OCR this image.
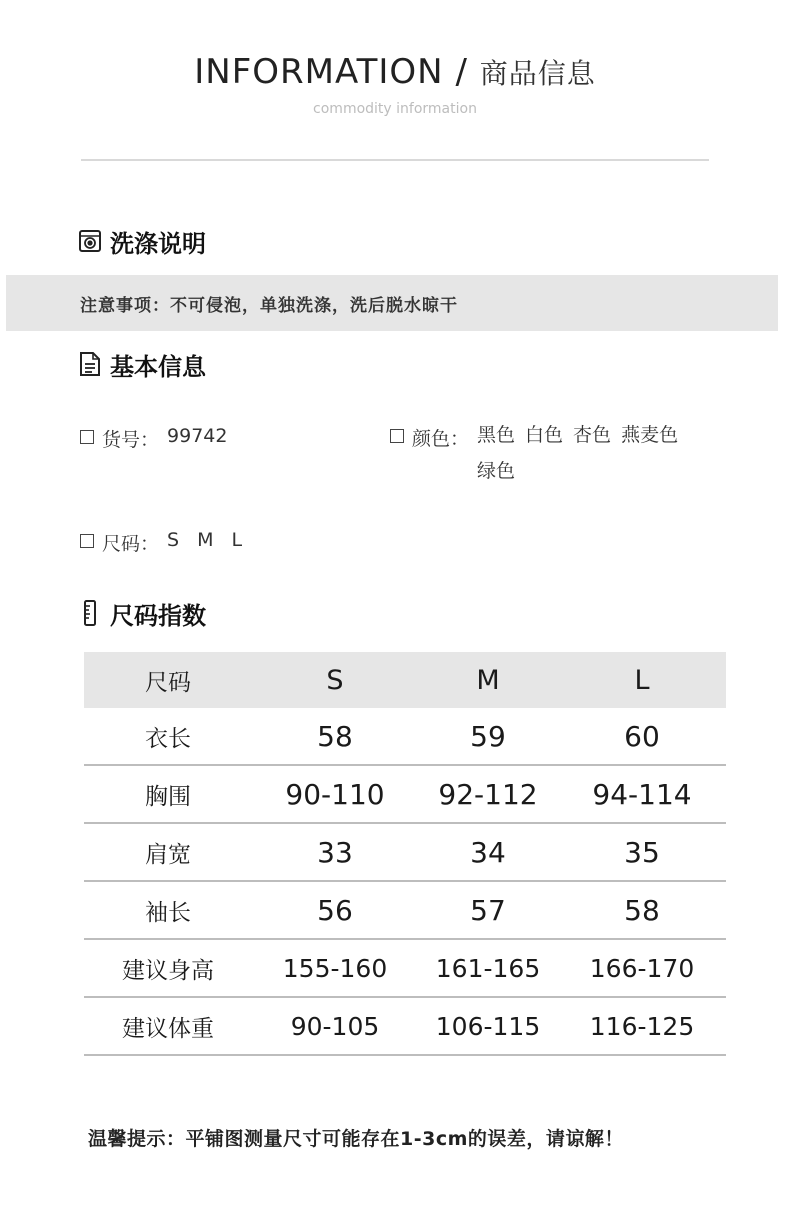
INFORMATION / 商品信息
commodity information
洗涤说明
注意事项：不可侵泡，单独洗涤，洗后脱水晾干
基本信息
货号： 99742	颜色： 黑色 白色 杏色 燕麦色
绿色
尺码： S M L
尺码指数
尺码	S	M	L
衣长	58	59	60
胸围	90-110	92-112	94-114
肩宽	33	34	35
袖长	56	57	58
建议身高	155-160	161-165	166-170
建议体重	90-105	106-115	116-125
温馨提示：平铺图测量尺寸可能存在1-3cm的误差，请谅解！
